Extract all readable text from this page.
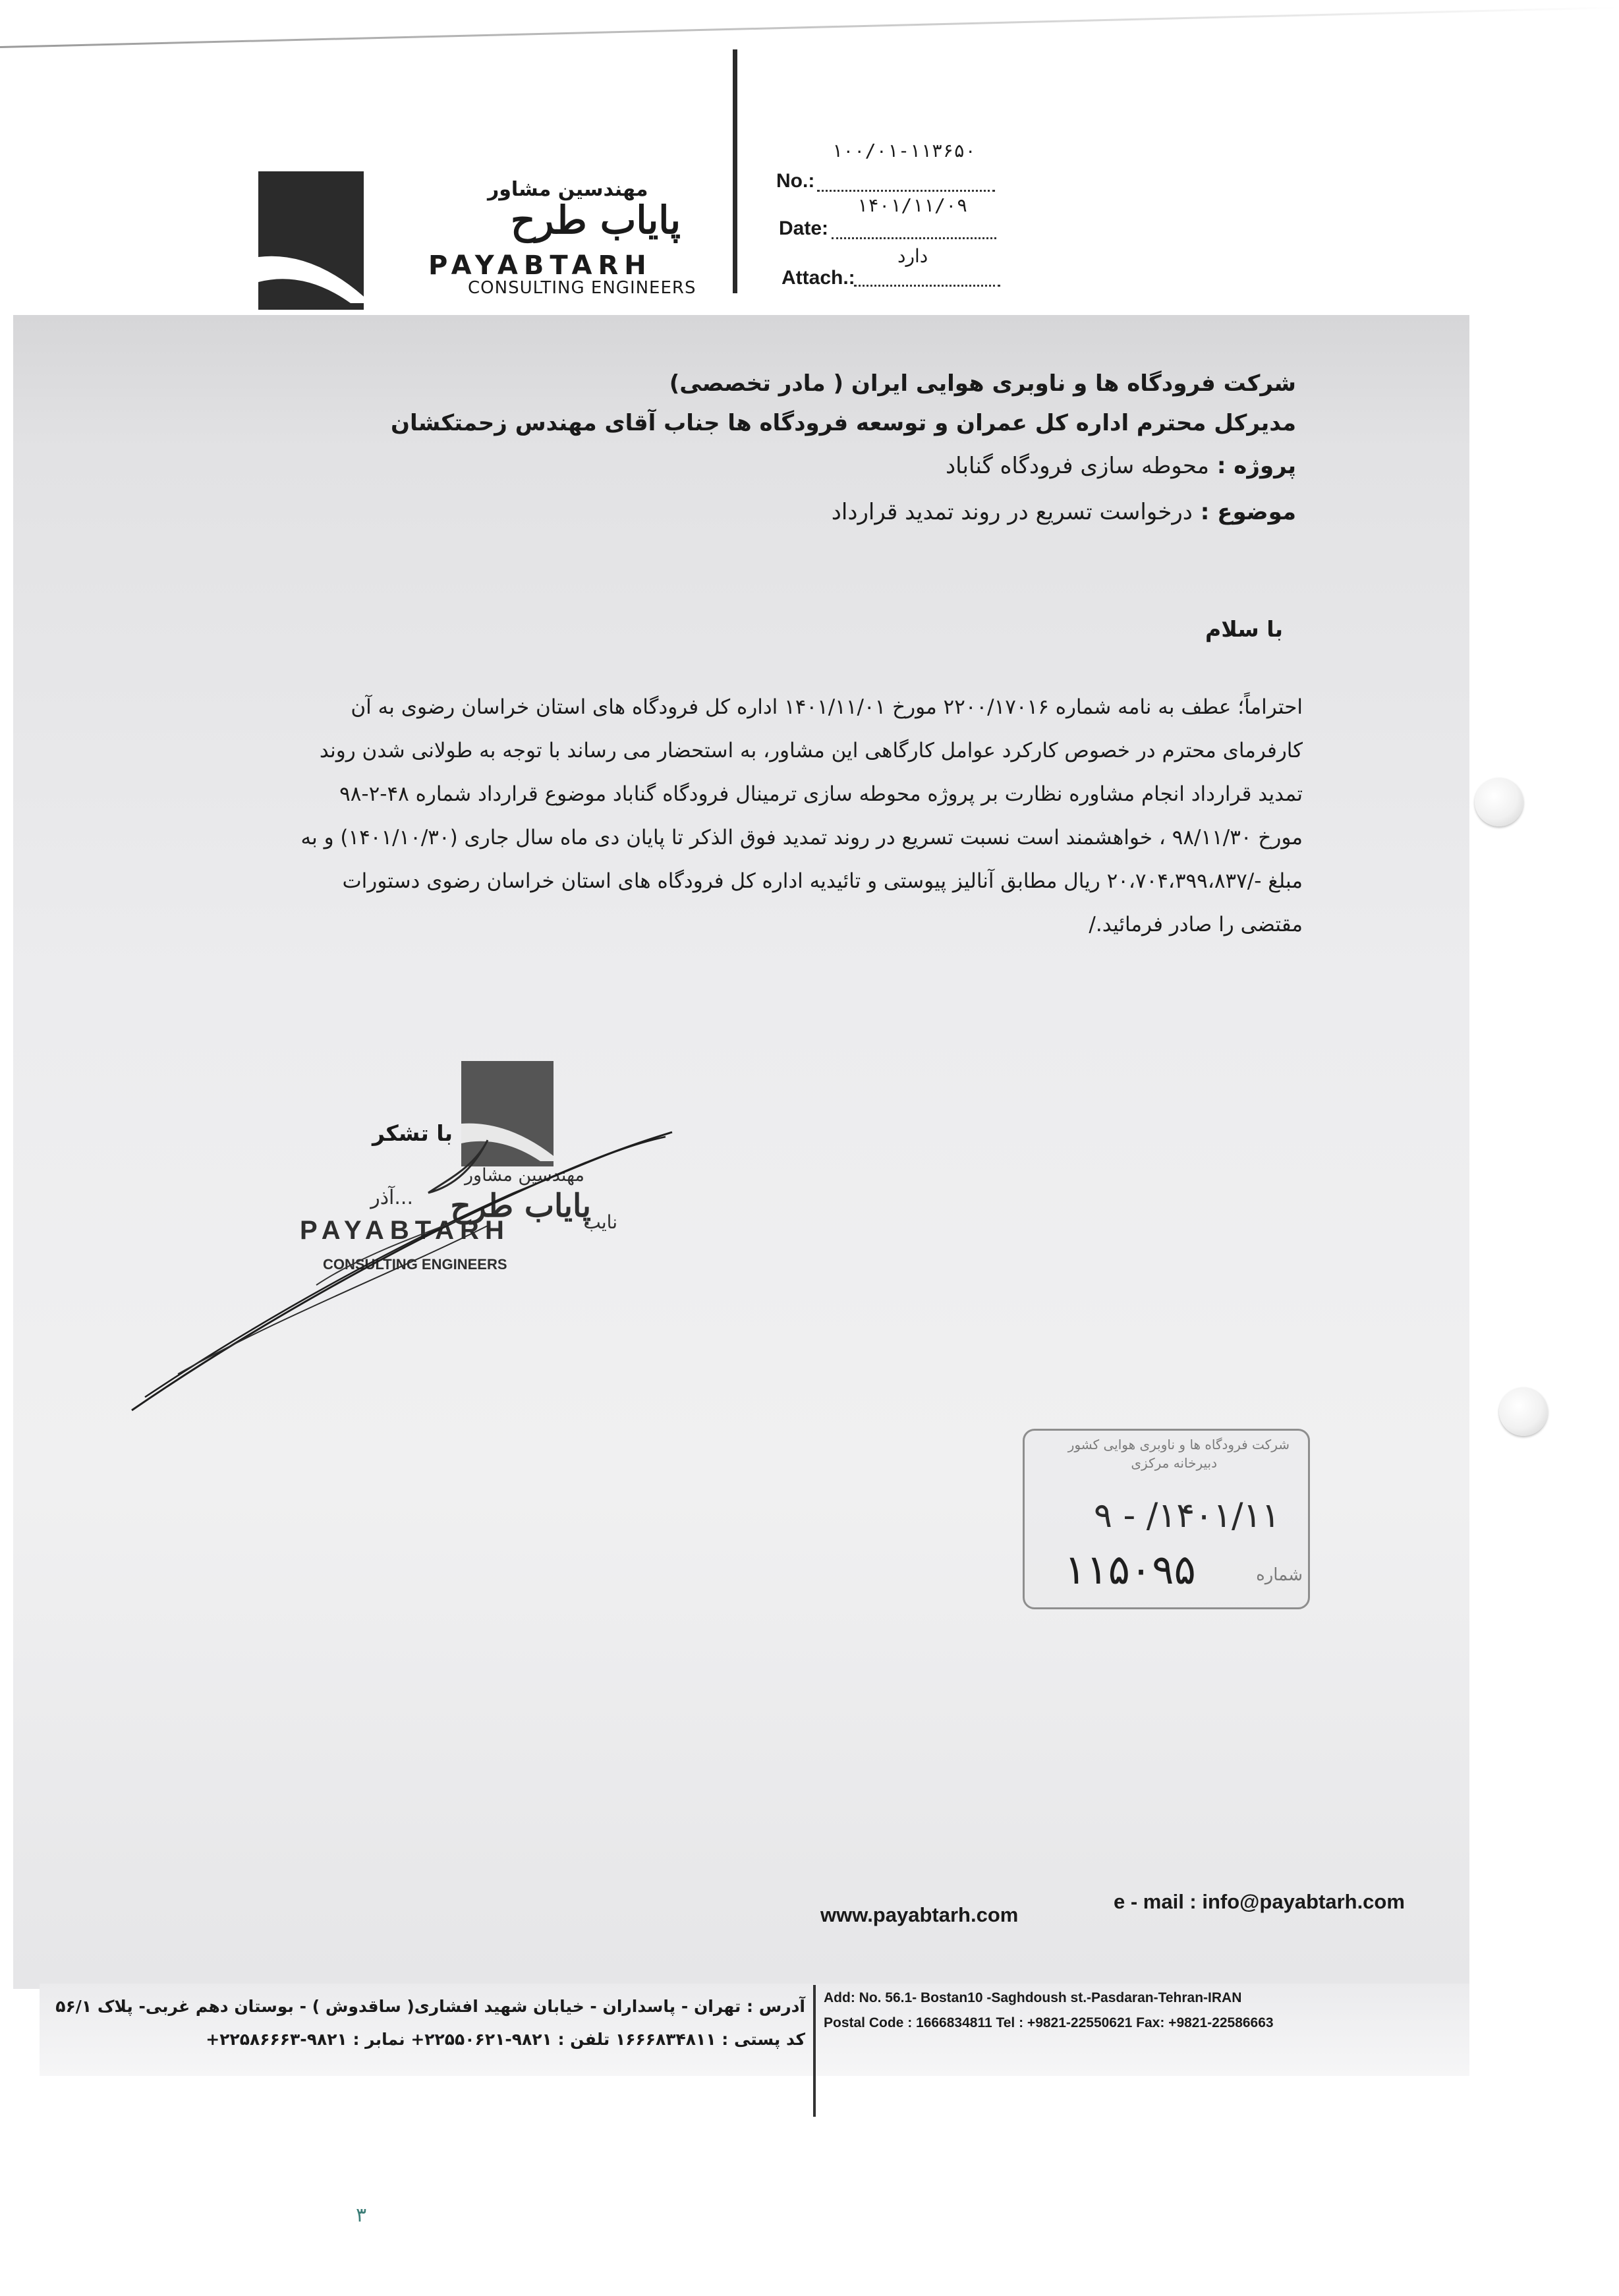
مهندسین مشاور
پایاب طرح
PAYABTARH
CONSULTING ENGINEERS
۱۰۰/۰۱-۱۱۳۶۵۰
No.:
۱۴۰۱/۱۱/۰۹
Date:
دارد
Attach.:
شرکت فرودگاه ها و ناوبری هوایی ایران ( مادر تخصصی)
مدیرکل محترم اداره کل عمران و توسعه فرودگاه ها جناب آقای مهندس زحمتکشان
پروژه : محوطه سازی فرودگاه گناباد
موضوع : درخواست تسریع در روند تمدید قرارداد
با سلام
احتراماً؛ عطف به نامه شماره ۲۲۰۰/۱۷۰۱۶ مورخ ۱۴۰۱/۱۱/۰۱ اداره کل فرودگاه های استان خراسان رضوی به آن
کارفرمای محترم در خصوص کارکرد عوامل کارگاهی این مشاور، به استحضار می رساند با توجه به طولانی شدن روند
تمدید قرارداد انجام مشاوره نظارت بر پروژه محوطه سازی ترمینال فرودگاه گناباد موضوع قرارداد شماره ۴۸-۲-۹۸
مورخ ۹۸/۱۱/۳۰ ، خواهشمند است نسبت تسریع در روند تمدید فوق الذکر تا پایان دی ماه سال جاری (۱۴۰۱/۱۰/۳۰) و به
مبلغ -/۲۰،۷۰۴،۳۹۹،۸۳۷ ریال مطابق آنالیز پیوستی و تائیدیه اداره کل فرودگاه های استان خراسان رضوی دستورات
مقتضی را صادر فرمائید./
با تشکر
مهندسین مشاور
پایاب طرح
...آذر
نایب
PAYABTARH
CONSULTING ENGINEERS
شرکت فرودگاه ها و ناوبری هوایی کشور
دبیرخانه مرکزی
۱۴۰۱/۱۱/ - ۹
شماره
۱۱۵۰۹۵
www.payabtarh.com
e - mail : info@payabtarh.com
Add: No. 56.1- Bostan10 -Saghdoush st.-Pasdaran-Tehran-IRAN
Postal Code : 1666834811 Tel : +9821-22550621 Fax: +9821-22586663
آدرس : تهران - پاسداران - خیابان شهید افشاری( ساقدوش ) - بوستان دهم غربی- پلاک ۵۶/۱
کد پستی : ۱۶۶۶۸۳۴۸۱۱ تلفن : ۹۸۲۱-۲۲۵۵۰۶۲۱+ نمابر : ۹۸۲۱-۲۲۵۸۶۶۶۳+
۳
